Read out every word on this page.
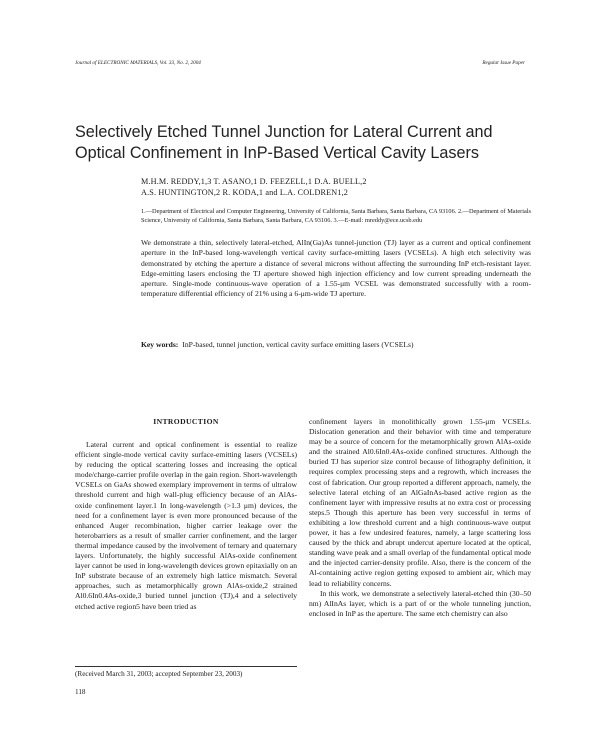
Journal of ELECTRONIC MATERIALS, Vol. 33, No. 2, 2004	Regular Issue Paper
Selectively Etched Tunnel Junction for Lateral Current and Optical Confinement in InP-Based Vertical Cavity Lasers
M.H.M. REDDY,1,3 T. ASANO,1 D. FEEZELL,1 D.A. BUELL,2
A.S. HUNTINGTON,2 R. KODA,1 and L.A. COLDREN1,2
1.—Department of Electrical and Computer Engineering, University of California, Santa Barbara, Santa Barbara, CA 93106. 2.—Department of Materials Science, University of California, Santa Barbara, Santa Barbara, CA 93106. 3.—E-mail: mreddy@ece.ucsb.edu
We demonstrate a thin, selectively lateral-etched, AlIn(Ga)As tunnel-junction (TJ) layer as a current and optical confinement aperture in the InP-based long-wavelength vertical cavity surface-emitting lasers (VCSELs). A high etch selectivity was demonstrated by etching the aperture a distance of several microns without affecting the surrounding InP etch-resistant layer. Edge-emitting lasers enclosing the TJ aperture showed high injection efficiency and low current spreading underneath the aperture. Single-mode continuous-wave operation of a 1.55-μm VCSEL was demonstrated successfully with a room-temperature differential efficiency of 21% using a 6-μm-wide TJ aperture.
Key words: InP-based, tunnel junction, vertical cavity surface emitting lasers (VCSELs)
INTRODUCTION

Lateral current and optical confinement is essential to realize efficient single-mode vertical cavity surface-emitting lasers (VCSELs) by reducing the optical scattering losses and increasing the optical mode/charge-carrier profile overlap in the gain region. Short-wavelength VCSELs on GaAs showed exemplary improvement in terms of ultralow threshold current and high wall-plug efficiency because of an AlAs-oxide confinement layer.1 In long-wavelength (>1.3 μm) devices, the need for a confinement layer is even more pronounced because of the enhanced Auger recombination, higher carrier leakage over the heterobarriers as a result of smaller carrier confinement, and the larger thermal impedance caused by the involvement of ternary and quaternary layers. Unfortunately, the highly successful AlAs-oxide confinement layer cannot be used in long-wavelength devices grown epitaxially on an InP substrate because of an extremely high lattice mismatch. Several approaches, such as metamorphically grown AlAs-oxide,2 strained Al0.6In0.4As-oxide,3 buried tunnel junction (TJ),4 and a selectively etched active region5 have been tried as

confinement layers in monolithically grown 1.55-μm VCSELs. Dislocation generation and their behavior with time and temperature may be a source of concern for the metamorphically grown AlAs-oxide and the strained Al0.6In0.4As-oxide confined structures. Although the buried TJ has superior size control because of lithography definition, it requires complex processing steps and a regrowth, which increases the cost of fabrication. Our group reported a different approach, namely, the selective lateral etching of an AlGaInAs-based active region as the confinement layer with impressive results at no extra cost or processing steps.5 Though this aperture has been very successful in terms of exhibiting a low threshold current and a high continuous-wave output power, it has a few undesired features, namely, a large scattering loss caused by the thick and abrupt undercut aperture located at the optical, standing wave peak and a small overlap of the fundamental optical mode and the injected carrier-density profile. Also, there is the concern of the Al-containing active region getting exposed to ambient air, which may lead to reliability concerns.

In this work, we demonstrate a selectively lateral-etched thin (30–50 nm) AlInAs layer, which is a part of or the whole tunneling junction, enclosed in InP as the aperture. The same etch chemistry can also

(Received March 31, 2003; accepted September 23, 2003)
118
